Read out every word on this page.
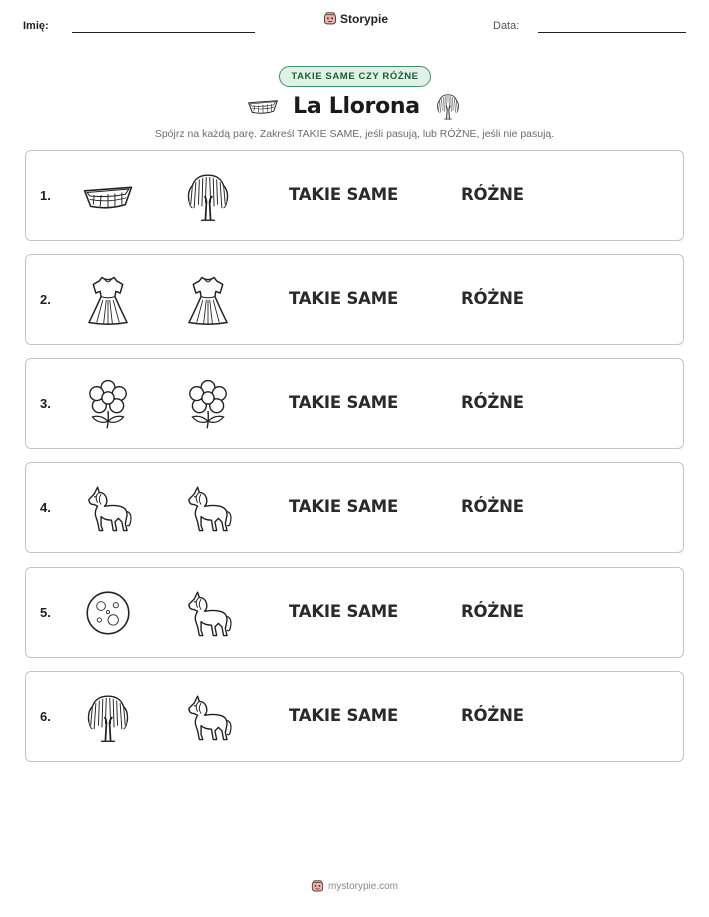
Imię:	Storypie	Data:
TAKIE SAME CZY RÓŻNE
La Llorona
Spójrz na każdą parę. Zakreśl TAKIE SAME, jeśli pasują, lub RÓŻNE, jeśli nie pasują.
1.	TAKIE SAME	RÓŻNE
2.	TAKIE SAME	RÓŻNE
3.	TAKIE SAME	RÓŻNE
4.	TAKIE SAME	RÓŻNE
5.	TAKIE SAME	RÓŻNE
6.	TAKIE SAME	RÓŻNE
mystorypie.com
